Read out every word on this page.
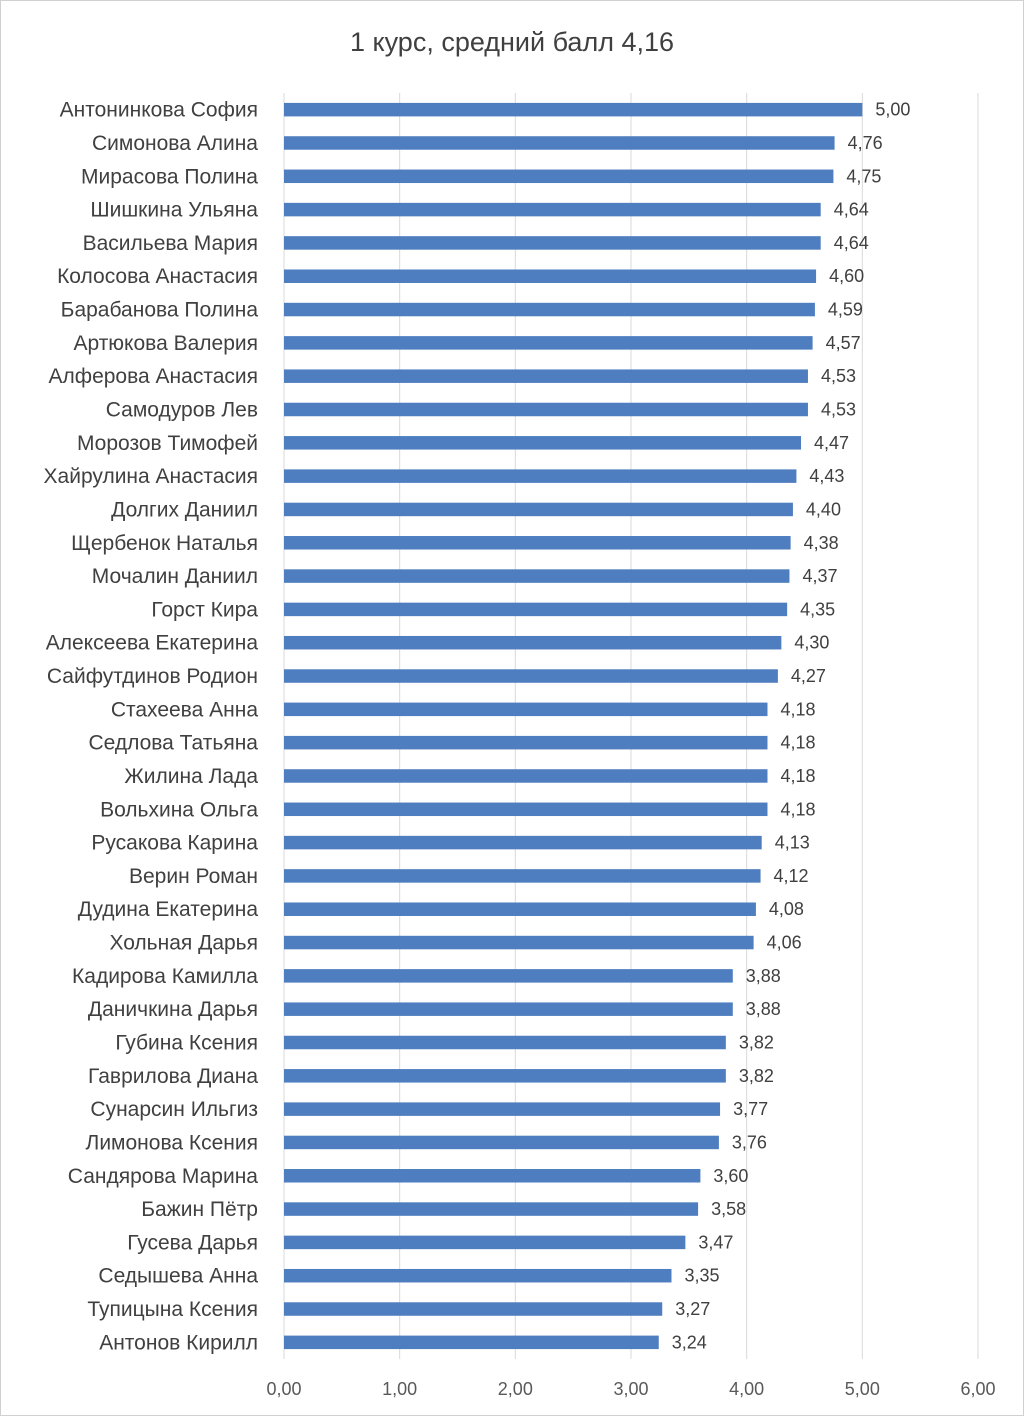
1 курс, средний балл 4,16
0,00	1,00	2,00	3,00	4,00	5,00	6,00
Антонинкова София
Симонова Алина
Мирасова Полина
Шишкина Ульяна
Васильева Мария
Колосова Анастасия
Барабанова Полина
Артюкова Валерия
Алферова Анастасия
Самодуров Лев
Морозов Тимофей
Хайрулина Анастасия
Долгих Даниил
Щербенок Наталья
Мочалин Даниил
Горст Кира
Алексеева Екатерина
Сайфутдинов Родион
Стахеева Анна
Седлова Татьяна
Жилина Лада
Вольхина Ольга
Русакова Карина
Верин Роман
Дудина Екатерина
Хольная Дарья
Кадирова Камилла
Даничкина Дарья
Губина Ксения
Гаврилова Диана
Сунарсин Ильгиз
Лимонова Ксения
Сандярова Марина
Бажин Пётр
Гусева Дарья
Седышева Анна
Тупицына Ксения
Антонов Кирилл
5,00
4,76
4,75
4,64
4,64
4,60
4,59
4,57
4,53
4,53
4,47
4,43
4,40
4,38
4,37
4,35
4,30
4,27
4,18
4,18
4,18
4,18
4,13
4,12
4,08
4,06
3,88
3,88
3,82
3,82
3,77
3,76
3,60
3,58
3,47
3,35
3,27
3,24
